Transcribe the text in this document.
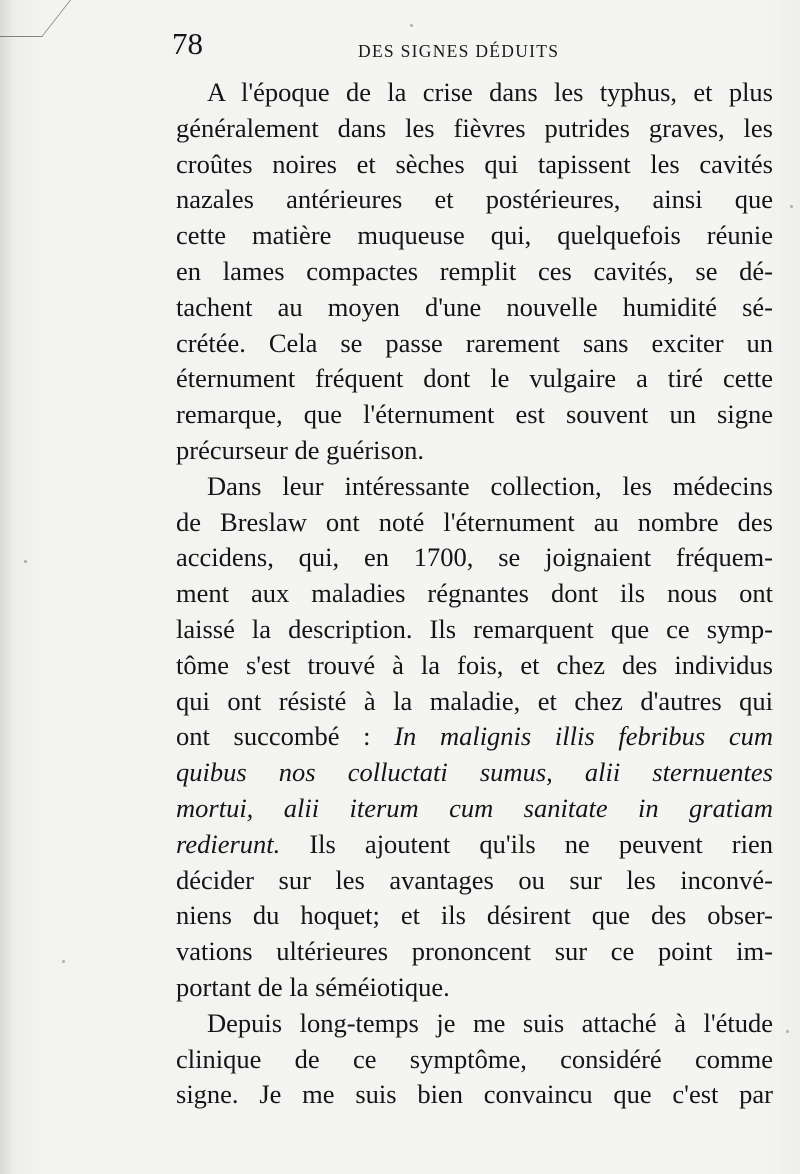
78	DES SIGNES DÉDUITS
A l'époque de la crise dans les typhus, et plus
généralement dans les fièvres putrides graves, les
croûtes noires et sèches qui tapissent les cavités
nazales antérieures et postérieures, ainsi que
cette matière muqueuse qui, quelquefois réunie
en lames compactes remplit ces cavités, se dé-
tachent au moyen d'une nouvelle humidité sé-
crétée. Cela se passe rarement sans exciter un
éternument fréquent dont le vulgaire a tiré cette
remarque, que l'éternument est souvent un signe
précurseur de guérison.
Dans leur intéressante collection, les médecins
de Breslaw ont noté l'éternument au nombre des
accidens, qui, en 1700, se joignaient fréquem-
ment aux maladies régnantes dont ils nous ont
laissé la description. Ils remarquent que ce symp-
tôme s'est trouvé à la fois, et chez des individus
qui ont résisté à la maladie, et chez d'autres qui
ont succombé : In malignis illis febribus cum
quibus nos colluctati sumus, alii sternuentes
mortui, alii iterum cum sanitate in gratiam
redierunt. Ils ajoutent qu'ils ne peuvent rien
décider sur les avantages ou sur les inconvé-
niens du hoquet; et ils désirent que des obser-
vations ultérieures prononcent sur ce point im-
portant de la séméiotique.
Depuis long-temps je me suis attaché à l'étude
clinique de ce symptôme, considéré comme
signe. Je me suis bien convaincu que c'est par
